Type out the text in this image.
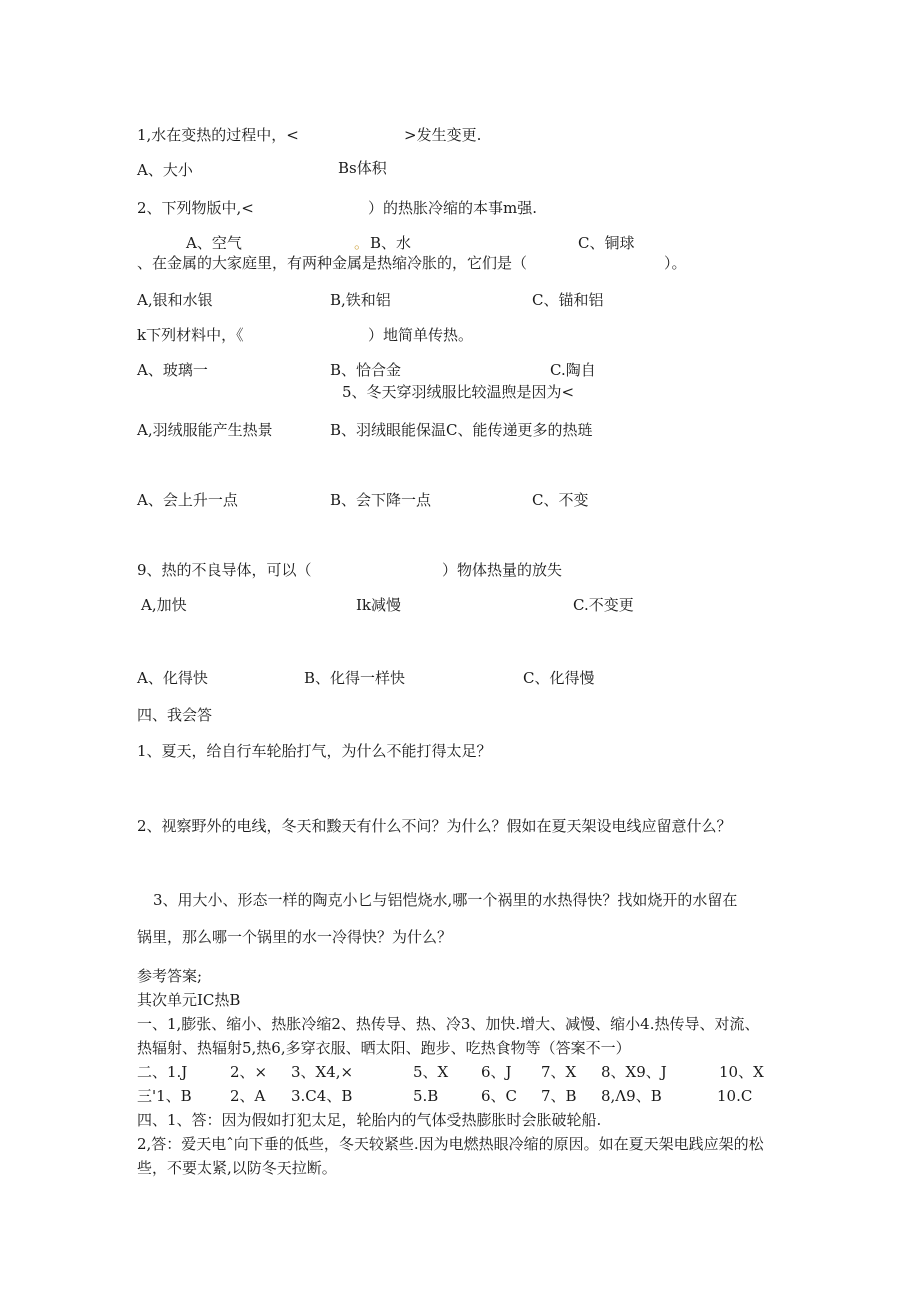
1,水在变热的过程中，<	>发生变更.
A、大小	Bs体积
2、下列物版中,<	）的热胀冷缩的本事m强.
A、空气	。 B、水	C、铜球
、在金属的大家庭里，有两种金属是热缩冷胀的，它们是（	）。
A,银和水银	B,铁和铝	C、锚和铝
k下列材料中，《	）地简单传热。
A、玻璃一	B、恰合金	C.陶自
5、冬天穿羽绒服比较温煦是因为<
A,羽绒服能产生热景	B、羽绒眼能保温C、能传递更多的热琏
A、会上升一点	B、会下降一点	C、不变
9、热的不良导体，可以（	）物体热量的放失
A,加快	Ik减慢	C.不变更
A、化得快	B、化得一样快	C、化得慢
四、我会答
1、夏天，给自行车轮胎打气，为什么不能打得太足？
2、视察野外的电线，冬天和黢天有什么不问？为什么？假如在夏天架设电线应留意什么？
3、用大小、形态一样的陶克小匕与铝恺烧水,哪一个祸里的水热得快？找如烧开的水留在
锅里，那么哪一个锅里的水一冷得快？为什么？
参考答案;
其次单元IC热B
一、1,膨张、缩小、热胀冷缩2、热传导、热、冷3、加快.增大、减慢、缩小4.热传导、对流、
热辐射、热辐射5,热6,多穿衣服、晒太阳、跑步、吃热食物等（答案不一）
二、1.J	2、× 3、X4,×	5、X 6、J 7、X 8、X9、J	10、X
三'1、B	2、A 3.C4、B	5.B	6、C 7、B 8,Λ9、B	10.C
四、1、答：因为假如打犯太足，轮胎内的气体受热膨胀时会胀破轮船.
2,答：爱天电ˆ向下垂的低些，冬天较紧些.因为电燃热眼冷缩的原因。如在夏天架电践应架的松
些，不要太紧,以防冬天拉断。
